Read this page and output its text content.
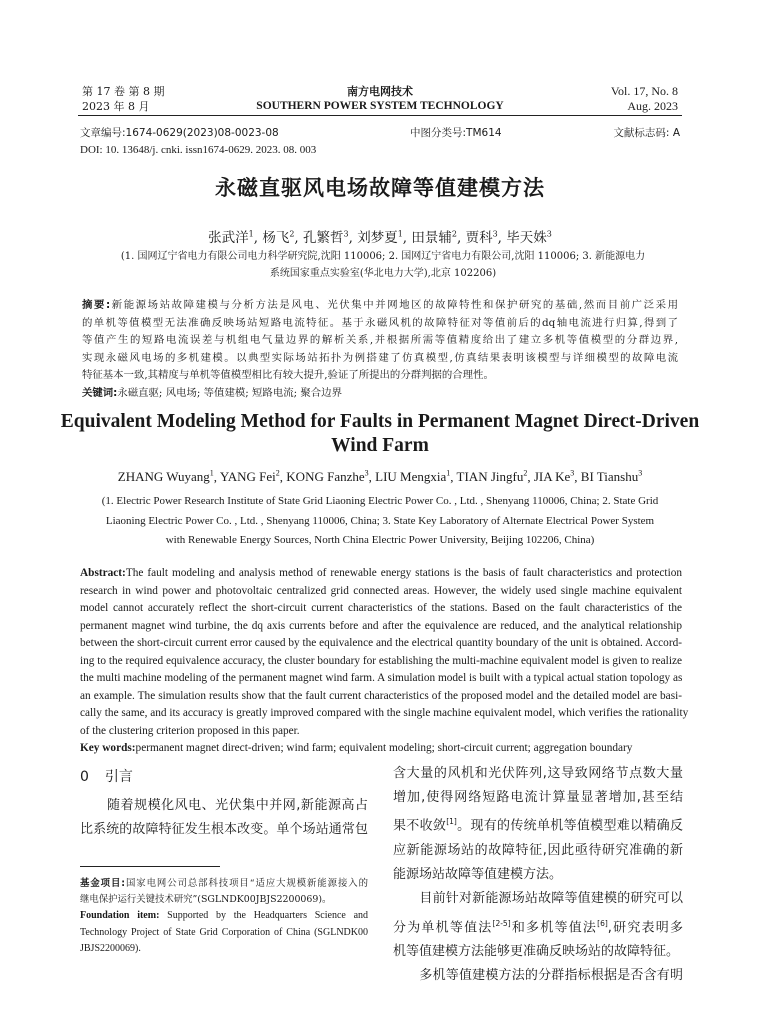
第 17 卷 第 8 期
2023 年 8 月
南方电网技术
SOUTHERN POWER SYSTEM TECHNOLOGY
Vol. 17, No. 8
Aug. 2023
文章编号:1674-0629(2023)08-0023-08	中图分类号:TM614	文献标志码: A
DOI: 10. 13648/j. cnki. issn1674-0629. 2023. 08. 003
永磁直驱风电场故障等值建模方法
张武洋$^1$, 杨飞$^2$, 孔繁哲$^3$, 刘梦夏$^1$, 田景辅$^2$, 贾科$^3$, 毕天姝$^3$
(1. 国网辽宁省电力有限公司电力科学研究院,沈阳 110006; 2. 国网辽宁省电力有限公司,沈阳 110006; 3. 新能源电力
系统国家重点实验室(华北电力大学),北京 102206)
摘要:新能源场站故障建模与分析方法是风电、光伏集中并网地区的故障特性和保护研究的基础,然而目前广泛采用
的单机等值模型无法准确反映场站短路电流特征。基于永磁风机的故障特征对等值前后的dq轴电流进行归算,得到了
等值产生的短路电流误差与机组电气量边界的解析关系,并根据所需等值精度给出了建立多机等值模型的分群边界,
实现永磁风电场的多机建模。以典型实际场站拓扑为例搭建了仿真模型,仿真结果表明该模型与详细模型的故障电流
特征基本一致,其精度与单机等值模型相比有较大提升,验证了所提出的分群判据的合理性。
关键词:永磁直驱; 风电场; 等值建模; 短路电流; 聚合边界
Equivalent Modeling Method for Faults in Permanent Magnet Direct-Driven
Wind Farm
ZHANG Wuyang$^1$, YANG Fei$^2$, KONG Fanzhe$^3$, LIU Mengxia$^1$, TIAN Jingfu$^2$, JIA Ke$^3$, BI Tianshu$^3$
(1. Electric Power Research Institute of State Grid Liaoning Electric Power Co. , Ltd. , Shenyang 110006, China; 2. State Grid
Liaoning Electric Power Co. , Ltd. , Shenyang 110006, China; 3. State Key Laboratory of Alternate Electrical Power System
with Renewable Energy Sources, North China Electric Power University, Beijing 102206, China)
Abstract:The fault modeling and analysis method of renewable energy stations is the basis of fault characteristics and protection
research in wind power and photovoltaic centralized grid connected areas. However, the widely used single machine equivalent
model cannot accurately reflect the short-circuit current characteristics of the stations. Based on the fault characteristics of the
permanent magnet wind turbine, the dq axis currents before and after the equivalence are reduced, and the analytical relationship
between the short-circuit current error caused by the equivalence and the electrical quantity boundary of the unit is obtained. Accord-
ing to the required equivalence accuracy, the cluster boundary for establishing the multi-machine equivalent model is given to realize
the multi machine modeling of the permanent magnet wind farm. A simulation model is built with a typical actual station topology as
an example. The simulation results show that the fault current characteristics of the proposed model and the detailed model are basi-
cally the same, and its accuracy is greatly improved compared with the single machine equivalent model, which verifies the rationality
of the clustering criterion proposed in this paper.
Key words:permanent magnet direct-driven; wind farm; equivalent modeling; short-circuit current; aggregation boundary
0 引言
　　随着规模化风电、光伏集中并网,新能源高占
比系统的故障特征发生根本改变。单个场站通常包
含大量的风机和光伏阵列,这导致网络节点数大量
增加,使得网络短路电流计算量显著增加,甚至结
果不收敛[1]。现有的传统单机等值模型难以精确反
应新能源场站的故障特征,因此亟待研究准确的新
能源场站故障等值建模方法。
　　目前针对新能源场站故障等值建模的研究可以
分为单机等值法[2-5]和多机等值法[6],研究表明多
机等值建模方法能够更准确反映场站的故障特征。
　　多机等值建模方法的分群指标根据是否含有明
基金项目:国家电网公司总部科技项目“适应大规模新能源接入的
继电保护运行关键技术研究”(SGLNDK00JBJS2200069)。
Foundation item: Supported by the Headquarters Science and
Technology Project of State Grid Corporation of China (SGLNDK00
JBJS2200069).
